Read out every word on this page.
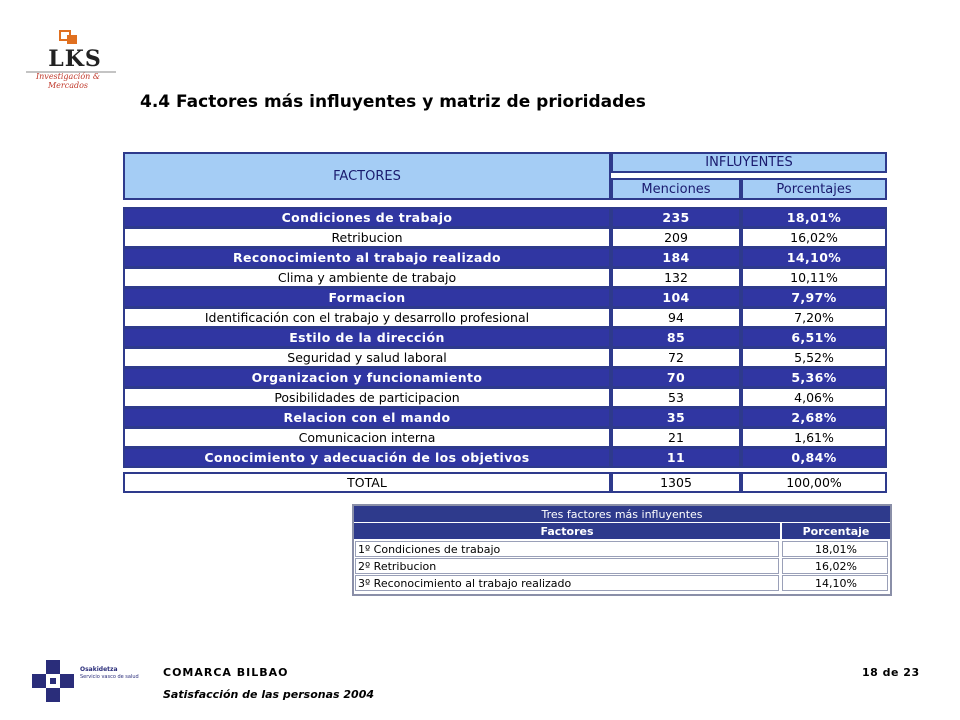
LKS
Investigación & Mercados
4.4 Factores más influyentes y matriz de prioridades
FACTORES
INFLUYENTES
Menciones	Porcentajes
Condiciones de trabajo	235	18,01%
Retribucion	209	16,02%
Reconocimiento al trabajo realizado	184	14,10%
Clima y ambiente de trabajo	132	10,11%
Formacion	104	7,97%
Identificación con el trabajo y desarrollo profesional	94	7,20%
Estilo de la dirección	85	6,51%
Seguridad y salud laboral	72	5,52%
Organizacion y funcionamiento	70	5,36%
Posibilidades de participacion	53	4,06%
Relacion con el mando	35	2,68%
Comunicacion interna	21	1,61%
Conocimiento y adecuación de los objetivos	11	0,84%
TOTAL	1305	100,00%
Tres factores más influyentes
Factores	Porcentaje
1º Condiciones de trabajo	18,01%
2º Retribucion	16,02%
3º Reconocimiento al trabajo realizado	14,10%
Osakidetza
Servicio vasco de salud COMARCA BILBAO
Satisfacción de las personas 2004
18 de 23
